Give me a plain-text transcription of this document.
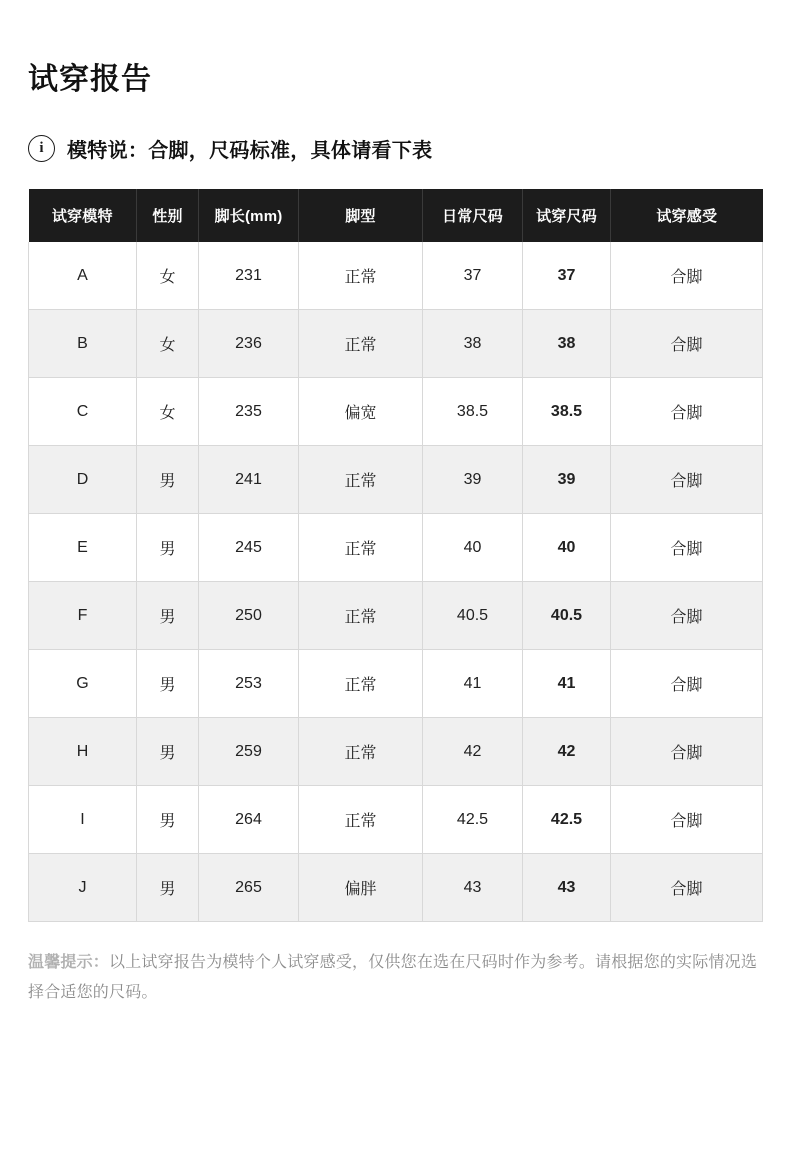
试穿报告
i	模特说：合脚，尺码标准，具体请看下表
试穿模特	性别	脚长(mm)	脚型	日常尺码	试穿尺码	试穿感受
A	女	231	正常	37	37	合脚
B	女	236	正常	38	38	合脚
C	女	235	偏宽	38.5	38.5	合脚
D	男	241	正常	39	39	合脚
E	男	245	正常	40	40	合脚
F	男	250	正常	40.5	40.5	合脚
G	男	253	正常	41	41	合脚
H	男	259	正常	42	42	合脚
I	男	264	正常	42.5	42.5	合脚
J	男	265	偏胖	43	43	合脚

温馨提示：以上试穿报告为模特个人试穿感受，仅供您在选在尺码时作为参考。请根据您的实际情况选择合适您的尺码。
